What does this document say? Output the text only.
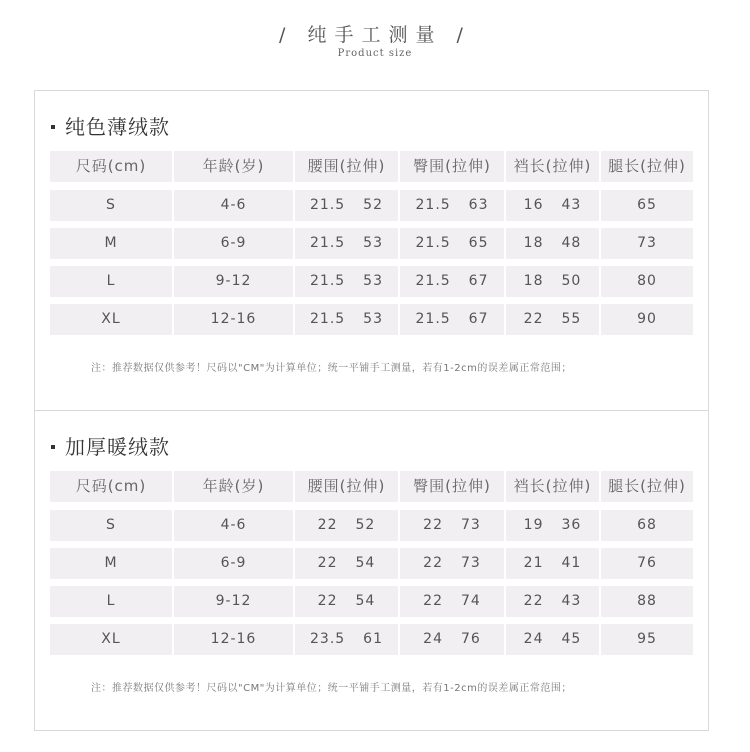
/ 纯手工测量 /
Product size
纯色薄绒款
尺码(cm)	年龄(岁)	腰围(拉伸)	臀围(拉伸)	裆长(拉伸)	腿长(拉伸)
S	4-6	21.5 52	21.5 63	16 43	65
M	6-9	21.5 53	21.5 65	18 48	73
L	9-12	21.5 53	21.5 67	18 50	80
XL	12-16	21.5 53	21.5 67	22 55	90
注：推荐数据仅供参考！尺码以"CM"为计算单位；统一平铺手工测量，若有1-2cm的误差属正常范围；
加厚暖绒款
尺码(cm)	年龄(岁)	腰围(拉伸)	臀围(拉伸)	裆长(拉伸)	腿长(拉伸)
S	4-6	22 52	22 73	19 36	68
M	6-9	22 54	22 73	21 41	76
L	9-12	22 54	22 74	22 43	88
XL	12-16	23.5 61	24 76	24 45	95
注：推荐数据仅供参考！尺码以"CM"为计算单位；统一平铺手工测量，若有1-2cm的误差属正常范围；
